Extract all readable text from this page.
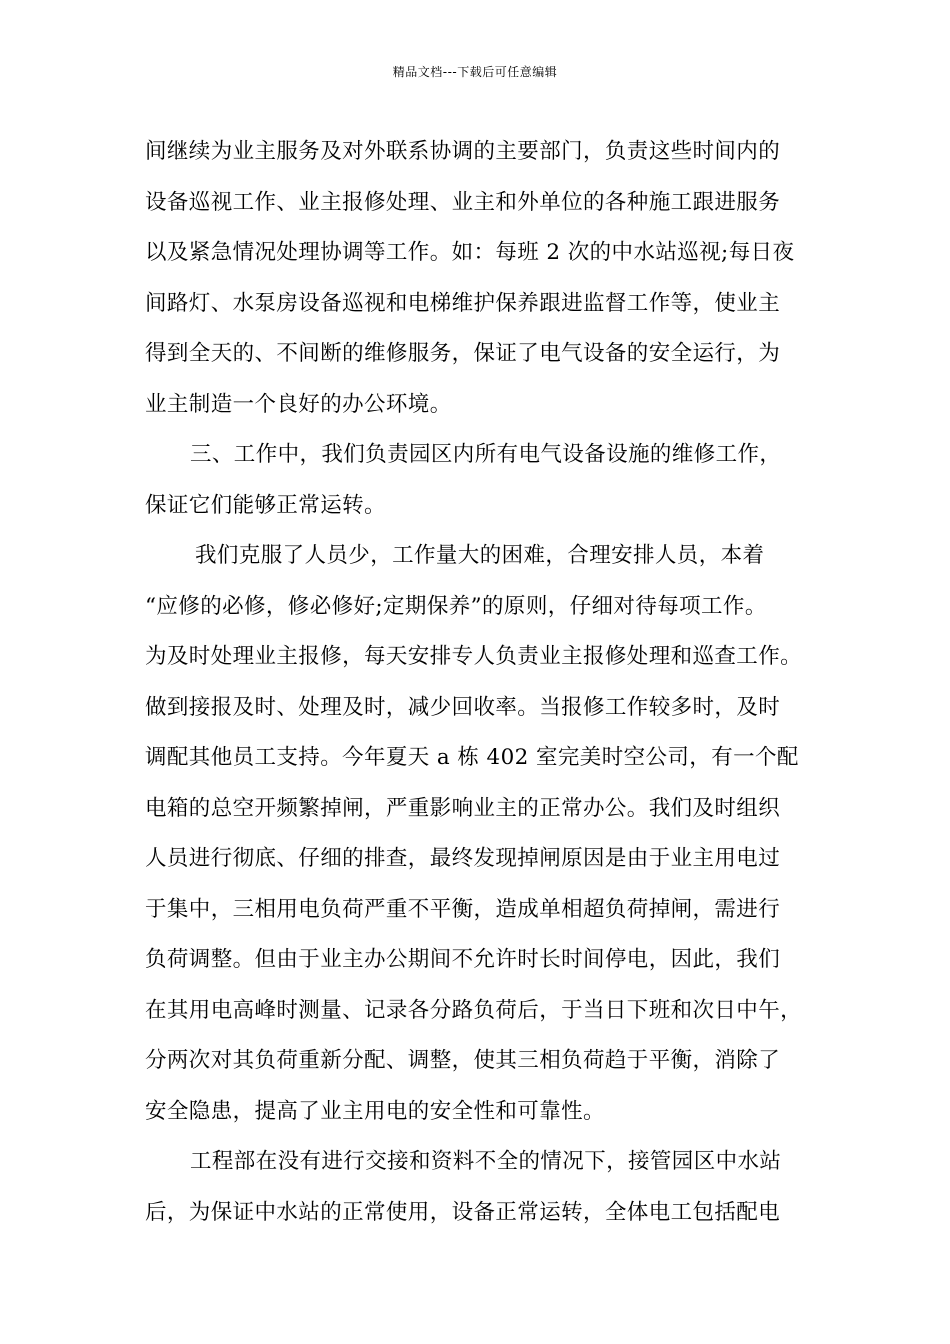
精品文档---下载后可任意编辑
间继续为业主服务及对外联系协调的主要部门，负责这些时间内的
设备巡视工作、业主报修处理、业主和外单位的各种施工跟进服务
以及紧急情况处理协调等工作。如：每班 2 次的中水站巡视;每日夜
间路灯、水泵房设备巡视和电梯维护保养跟进监督工作等，使业主
得到全天的、不间断的维修服务，保证了电气设备的安全运行，为
业主制造一个良好的办公环境。
三、工作中，我们负责园区内所有电气设备设施的维修工作，
保证它们能够正常运转。
我们克服了人员少，工作量大的困难，合理安排人员，本着
“应修的必修，修必修好;定期保养”的原则，仔细对待每项工作。
为及时处理业主报修，每天安排专人负责业主报修处理和巡查工作。
做到接报及时、处理及时，减少回收率。当报修工作较多时，及时
调配其他员工支持。今年夏天 a 栋 402 室完美时空公司，有一个配
电箱的总空开频繁掉闸，严重影响业主的正常办公。我们及时组织
人员进行彻底、仔细的排查，最终发现掉闸原因是由于业主用电过
于集中，三相用电负荷严重不平衡，造成单相超负荷掉闸，需进行
负荷调整。但由于业主办公期间不允许时长时间停电，因此，我们
在其用电高峰时测量、记录各分路负荷后，于当日下班和次日中午，
分两次对其负荷重新分配、调整，使其三相负荷趋于平衡，消除了
安全隐患，提高了业主用电的安全性和可靠性。
工程部在没有进行交接和资料不全的情况下，接管园区中水站
后，为保证中水站的正常使用，设备正常运转，全体电工包括配电
